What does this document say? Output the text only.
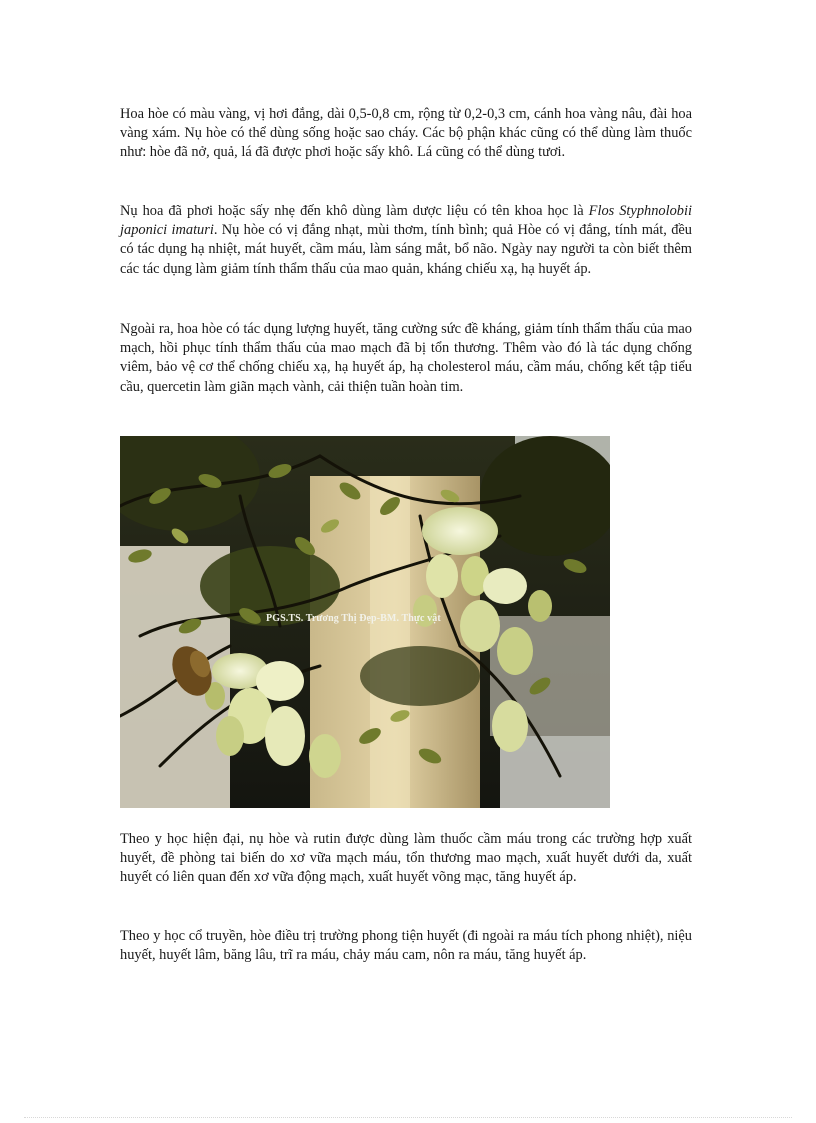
Hoa hòe có màu vàng, vị hơi đắng, dài 0,5-0,8 cm, rộng từ 0,2-0,3 cm, cánh hoa vàng nâu, đài hoa vàng xám. Nụ hòe có thể dùng sống hoặc sao cháy. Các bộ phận khác cũng có thể dùng làm thuốc như: hòe đã nở, quả, lá đã được phơi hoặc sấy khô. Lá cũng có thể dùng tươi.

Nụ hoa đã phơi hoặc sấy nhẹ đến khô dùng làm dược liệu có tên khoa học là Flos Styphnolobii japonici imaturi. Nụ hòe có vị đắng nhạt, mùi thơm, tính bình; quả Hòe có vị đắng, tính mát, đều có tác dụng hạ nhiệt, mát huyết, cầm máu, làm sáng mắt, bổ não. Ngày nay người ta còn biết thêm các tác dụng làm giảm tính thẩm thấu của mao quản, kháng chiếu xạ, hạ huyết áp.

Ngoài ra, hoa hòe có tác dụng lượng huyết, tăng cường sức đề kháng, giảm tính thẩm thấu của mao mạch, hồi phục tính thẩm thấu của mao mạch đã bị tổn thương. Thêm vào đó là tác dụng chống viêm, bảo vệ cơ thể chống chiếu xạ, hạ huyết áp, hạ cholesterol máu, cầm máu, chống kết tập tiểu cầu, quercetin làm giãn mạch vành, cải thiện tuần hoàn tim.

PGS.TS. Trương Thị Đẹp-BM. Thực vật

Theo y học hiện đại, nụ hòe và rutin được dùng làm thuốc cầm máu trong các trường hợp xuất huyết, đề phòng tai biến do xơ vữa mạch máu, tổn thương mao mạch, xuất huyết dưới da, xuất huyết có liên quan đến xơ vữa động mạch, xuất huyết võng mạc, tăng huyết áp.

Theo y học cổ truyền, hòe điều trị trường phong tiện huyết (đi ngoài ra máu tích phong nhiệt), niệu huyết, huyết lâm, băng lâu, trĩ ra máu, chảy máu cam, nôn ra máu, tăng huyết áp.
